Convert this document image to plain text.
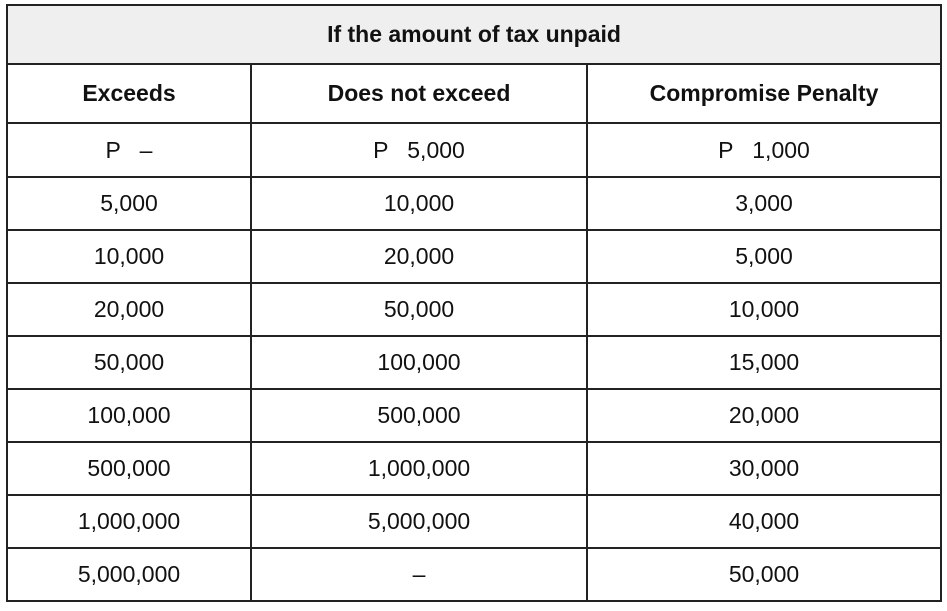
If the amount of tax unpaid		
Exceeds	Does not exceed	Compromise Penalty
P   –	P   5,000	P   1,000
5,000	10,000	3,000
10,000	20,000	5,000
20,000	50,000	10,000
50,000	100,000	15,000
100,000	500,000	20,000
500,000	1,000,000	30,000
1,000,000	5,000,000	40,000
5,000,000	–	50,000
